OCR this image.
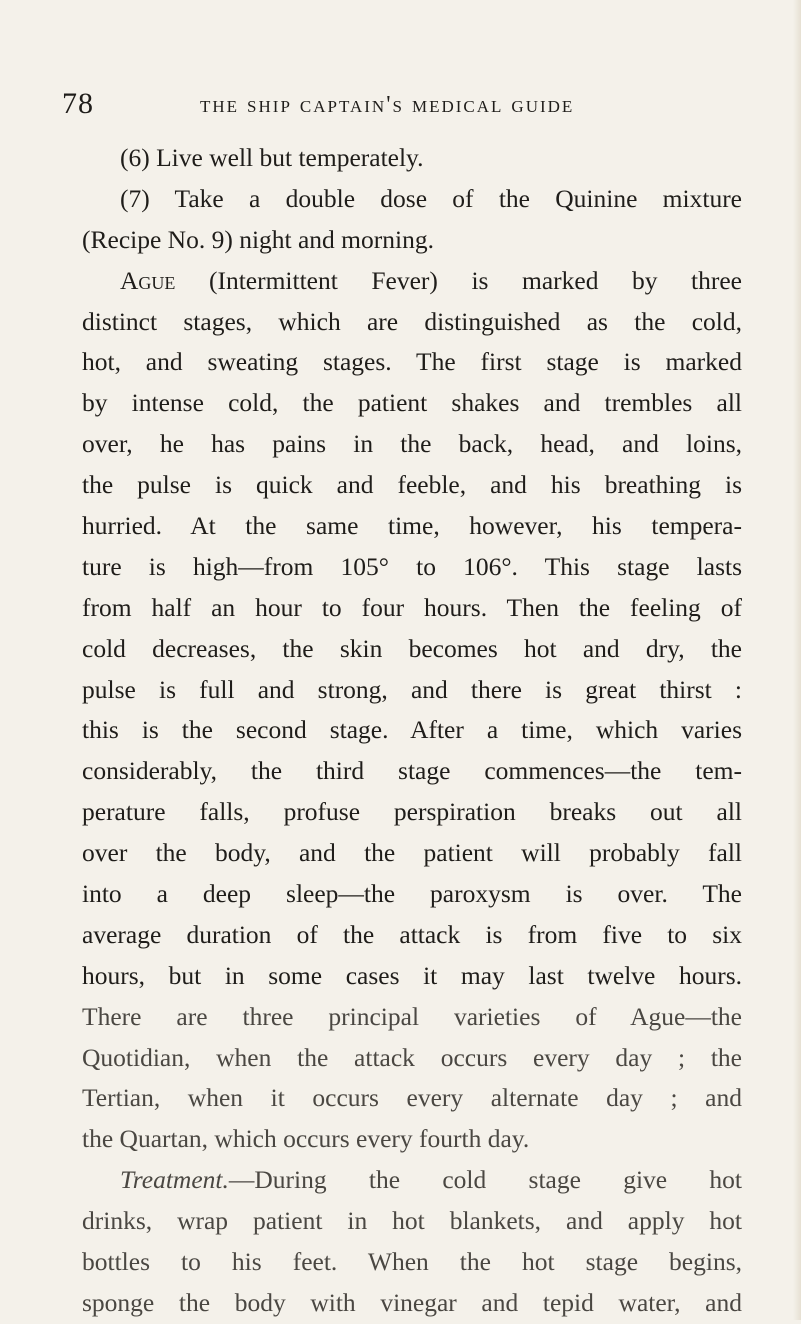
78	the ship captain's medical guide
(6) Live well but temperately.
(7) Take a double dose of the Quinine mixture
(Recipe No. 9) night and morning.
Ague (Intermittent Fever) is marked by three
distinct stages, which are distinguished as the cold,
hot, and sweating stages. The first stage is marked
by intense cold, the patient shakes and trembles all
over, he has pains in the back, head, and loins,
the pulse is quick and feeble, and his breathing is
hurried. At the same time, however, his tempera-
ture is high—from 105° to 106°. This stage lasts
from half an hour to four hours. Then the feeling of
cold decreases, the skin becomes hot and dry, the
pulse is full and strong, and there is great thirst :
this is the second stage. After a time, which varies
considerably, the third stage commences—the tem-
perature falls, profuse perspiration breaks out all
over the body, and the patient will probably fall
into a deep sleep—the paroxysm is over. The
average duration of the attack is from five to six
hours, but in some cases it may last twelve hours.
There are three principal varieties of Ague—the
Quotidian, when the attack occurs every day ; the
Tertian, when it occurs every alternate day ; and
the Quartan, which occurs every fourth day.
Treatment.—During the cold stage give hot
drinks, wrap patient in hot blankets, and apply hot
bottles to his feet. When the hot stage begins,
sponge the body with vinegar and tepid water, and
